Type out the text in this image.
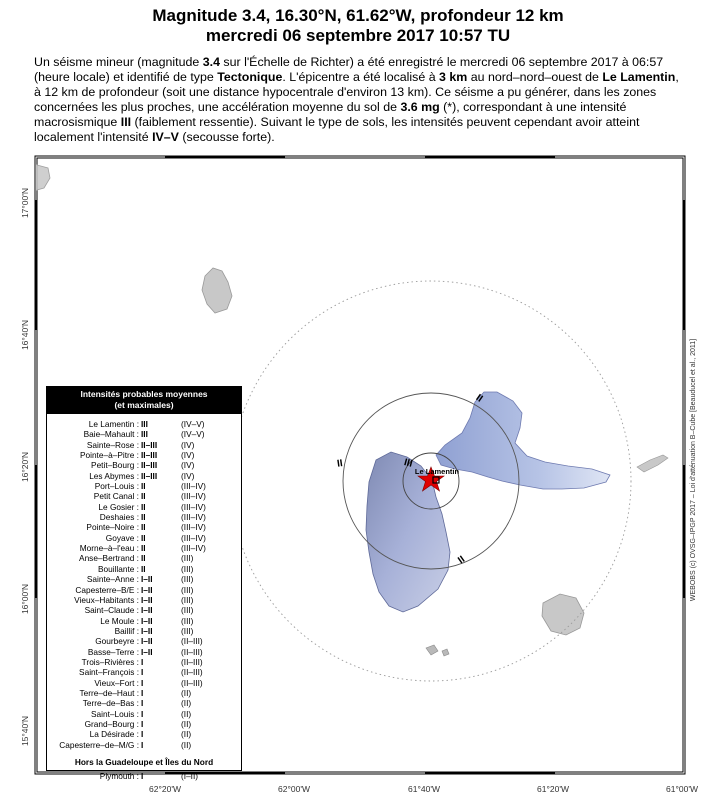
Magnitude 3.4, 16.30°N, 61.62°W, profondeur 12 km
mercredi 06 septembre 2017 10:57 TU
Un séisme mineur (magnitude 3.4 sur l'Échelle de Richter) a été enregistré le mercredi 06 septembre 2017 à 06:57 (heure locale) et identifié de type Tectonique. L'épicentre a été localisé à 3 km au nord–nord–ouest de Le Lamentin, à 12 km de profondeur (soit une distance hypocentrale d'environ 13 km). Ce séisme a pu générer, dans les zones concernées les plus proches, une accélération moyenne du sol de 3.6 mg (*), correspondant à une intensité macrosismique III (faiblement ressentie). Suivant le type de sols, les intensités peuvent cependant avoir atteint localement l'intensité IV–V (secousse forte).
II
II
II
III
Le Lamentin
17°00'N
16°40'N
16°20'N
16°00'N
15°40'N
62°20'W	62°00'W	61°40'W	61°20'W	61°00'W
WEBOBS (c) OVSG–IPGP 2017 – Loi d'atténuation B–Cube [Beauducel et al., 2011]
Intensités probables moyennes
(et maximales)
Le Lamentin : III	(IV–V)
Baie–Mahault : III	(IV–V)
Sainte–Rose : II–III	(IV)
Pointe–à–Pitre : II–III	(IV)
Petit–Bourg : II–III	(IV)
Les Abymes : II–III	(IV)
Port–Louis : II	(III–IV)
Petit Canal : II	(III–IV)
Le Gosier : II	(III–IV)
Deshaies : II	(III–IV)
Pointe–Noire : II	(III–IV)
Goyave : II	(III–IV)
Morne–à–l'eau : II	(III–IV)
Anse–Bertrand : II	(III)
Bouillante : II	(III)
Sainte–Anne : I–II	(III)
Capesterre–B/E : I–II	(III)
Vieux–Habitants : I–II	(III)
Saint–Claude : I–II	(III)
Le Moule : I–II	(III)
Baillif : I–II	(III)
Gourbeyre : I–II	(II–III)
Basse–Terre : I–II	(II–III)
Trois–Rivières : I	(II–III)
Saint–François : I	(II–III)
Vieux–Fort : I	(II–III)
Terre–de–Haut : I	(II)
Terre–de–Bas : I	(II)
Saint–Louis : I	(II)
Grand–Bourg : I	(II)
La Désirade : I	(II)
Capesterre–de–M/G : I	(II)
Hors la Guadeloupe et Îles du Nord
Plymouth : I	(I–II)
